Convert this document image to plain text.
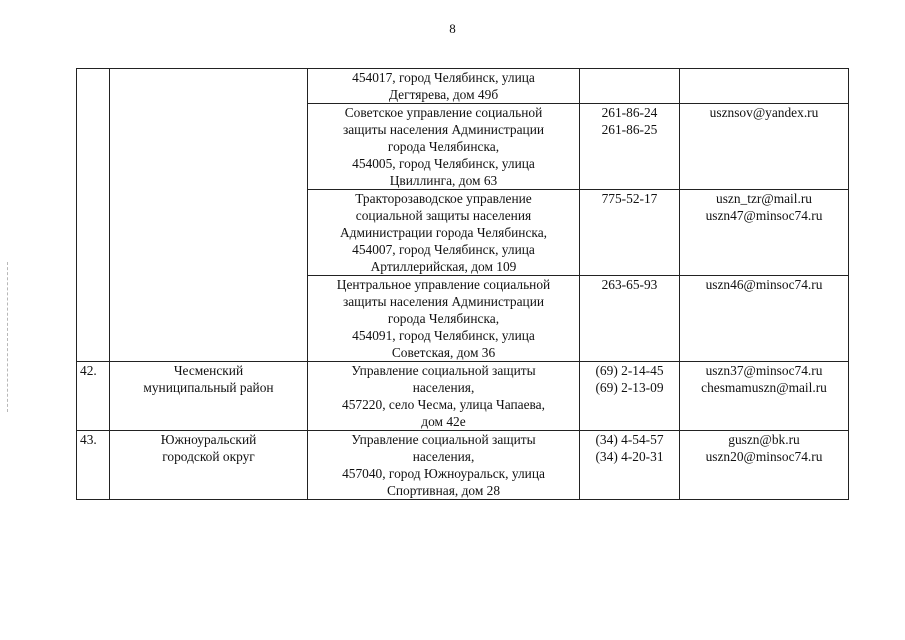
8

		454017, город Челябинск, улица
Дегтярева, дом 49б		

		Советское управление социальной
защиты населения Администрации
города Челябинска,
454005, город Челябинск, улица
Цвиллинга, дом 63	261-86-24
261-86-25	usznsov@yandex.ru

		Тракторозаводское управление
социальной защиты населения
Администрации города Челябинска,
454007, город Челябинск, улица
Артиллерийская, дом 109	775-52-17	uszn_tzr@mail.ru
uszn47@minsoc74.ru

		Центральное управление социальной
защиты населения Администрации
города Челябинска,
454091, город Челябинск, улица
Советская, дом 36	263-65-93	uszn46@minsoc74.ru

42.	Чесменский
муниципальный район	Управление социальной защиты
населения,
457220, село Чесма, улица Чапаева,
дом 42е	(69) 2-14-45
(69) 2-13-09	uszn37@minsoc74.ru
chesmamuszn@mail.ru

43.	Южноуральский
городской округ	Управление социальной защиты
населения,
457040, город Южноуральск, улица
Спортивная, дом 28	(34) 4-54-57
(34) 4-20-31	guszn@bk.ru
uszn20@minsoc74.ru
